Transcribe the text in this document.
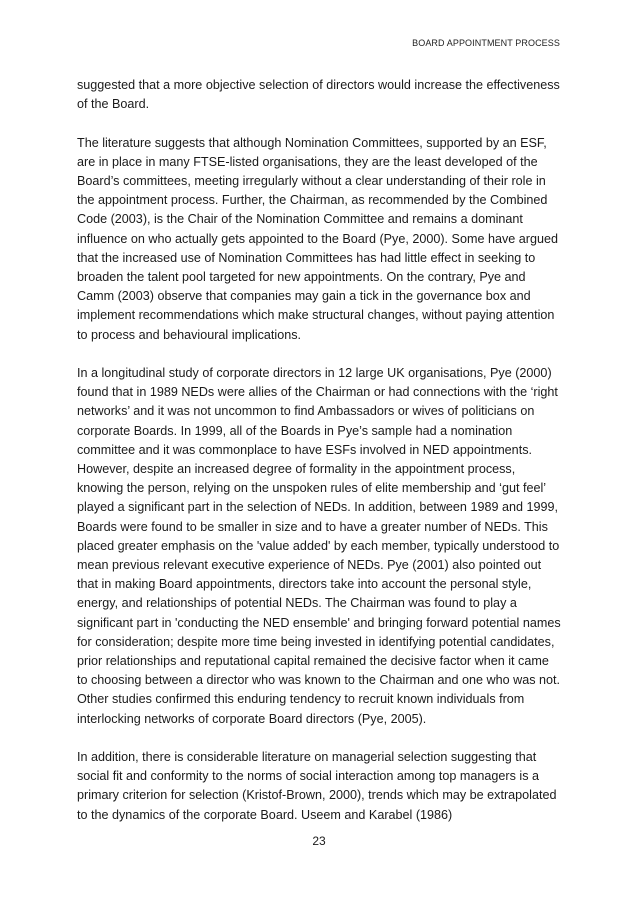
BOARD APPOINTMENT PROCESS

suggested that a more objective selection of directors would increase the effectiveness of the Board.

The literature suggests that although Nomination Committees, supported by an ESF, are in place in many FTSE-listed organisations, they are the least developed of the Board’s committees, meeting irregularly without a clear understanding of their role in the appointment process. Further, the Chairman, as recommended by the Combined Code (2003), is the Chair of the Nomination Committee and remains a dominant influence on who actually gets appointed to the Board (Pye, 2000). Some have argued that the increased use of Nomination Committees has had little effect in seeking to broaden the talent pool targeted for new appointments. On the contrary, Pye and Camm (2003) observe that companies may gain a tick in the governance box and implement recommendations which make structural changes, without paying attention to process and behavioural implications.

In a longitudinal study of corporate directors in 12 large UK organisations, Pye (2000) found that in 1989 NEDs were allies of the Chairman or had connections with the ‘right networks’ and it was not uncommon to find Ambassadors or wives of politicians on corporate Boards. In 1999, all of the Boards in Pye’s sample had a nomination committee and it was commonplace to have ESFs involved in NED appointments. However, despite an increased degree of formality in the appointment process, knowing the person, relying on the unspoken rules of elite membership and ‘gut feel’ played a significant part in the selection of NEDs. In addition, between 1989 and 1999, Boards were found to be smaller in size and to have a greater number of NEDs. This placed greater emphasis on the 'value added' by each member, typically understood to mean previous relevant executive experience of NEDs. Pye (2001) also pointed out that in making Board appointments, directors take into account the personal style, energy, and relationships of potential NEDs. The Chairman was found to play a significant part in 'conducting the NED ensemble' and bringing forward potential names for consideration; despite more time being invested in identifying potential candidates, prior relationships and reputational capital remained the decisive factor when it came to choosing between a director who was known to the Chairman and one who was not. Other studies confirmed this enduring tendency to recruit known individuals from interlocking networks of corporate Board directors (Pye, 2005).

In addition, there is considerable literature on managerial selection suggesting that social fit and conformity to the norms of social interaction among top managers is a primary criterion for selection (Kristof-Brown, 2000), trends which may be extrapolated to the dynamics of the corporate Board. Useem and Karabel (1986)

23
